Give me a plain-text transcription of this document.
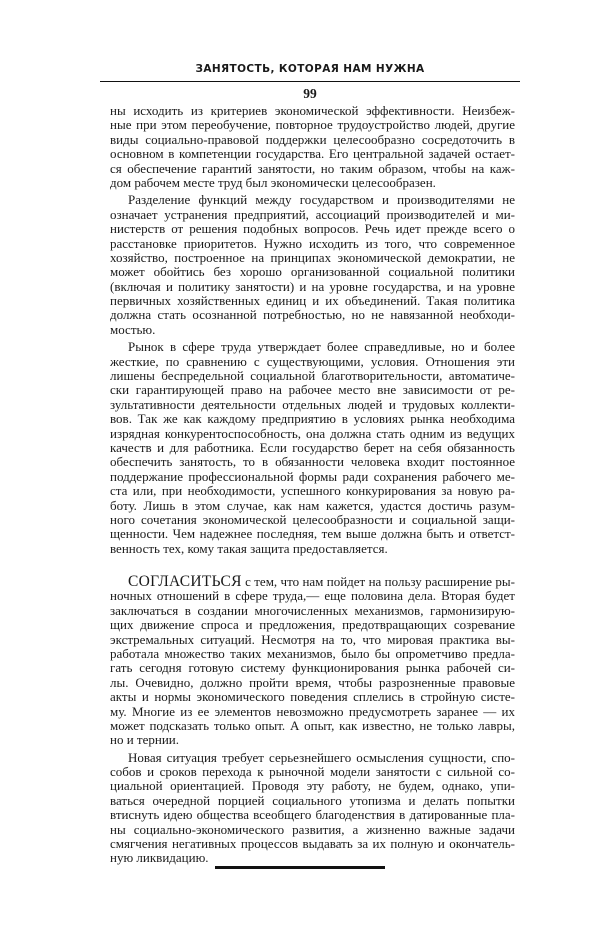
ЗАНЯТОСТЬ, КОТОРАЯ НАМ НУЖНА
99
ны исходить из критериев экономической эффективности. Неизбеж-
ные при этом переобучение, повторное трудоустройство людей, другие
виды социально-правовой поддержки целесообразно сосредоточить в
основном в компетенции государства. Его центральной задачей остает-
ся обеспечение гарантий занятости, но таким образом, чтобы на каж-
дом рабочем месте труд был экономически целесообразен.
Разделение функций между государством и производителями не
означает устранения предприятий, ассоциаций производителей и ми-
нистерств от решения подобных вопросов. Речь идет прежде всего о
расстановке приоритетов. Нужно исходить из того, что современное
хозяйство, построенное на принципах экономической демократии, не
может обойтись без хорошо организованной социальной политики
(включая и политику занятости) и на уровне государства, и на уровне
первичных хозяйственных единиц и их объединений. Такая политика
должна стать осознанной потребностью, но не навязанной необходи-
мостью.
Рынок в сфере труда утверждает более справедливые, но и более
жесткие, по сравнению с существующими, условия. Отношения эти
лишены беспредельной социальной благотворительности, автоматиче-
ски гарантирующей право на рабочее место вне зависимости от ре-
зультативности деятельности отдельных людей и трудовых коллекти-
вов. Так же как каждому предприятию в условиях рынка необходима
изрядная конкурентоспособность, она должна стать одним из ведущих
качеств и для работника. Если государство берет на себя обязанность
обеспечить занятость, то в обязанности человека входит постоянное
поддержание профессиональной формы ради сохранения рабочего ме-
ста или, при необходимости, успешного конкурирования за новую ра-
боту. Лишь в этом случае, как нам кажется, удастся достичь разум-
ного сочетания экономической целесообразности и социальной защи-
щенности. Чем надежнее последняя, тем выше должна быть и ответст-
венность тех, кому такая защита предоставляется.
СОГЛАСИТЬСЯ с тем, что нам пойдет на пользу расширение ры-
ночных отношений в сфере труда,— еще половина дела. Вторая будет
заключаться в создании многочисленных механизмов, гармонизирую-
щих движение спроса и предложения, предотвращающих созревание
экстремальных ситуаций. Несмотря на то, что мировая практика вы-
работала множество таких механизмов, было бы опрометчиво предла-
гать сегодня готовую систему функционирования рынка рабочей си-
лы. Очевидно, должно пройти время, чтобы разрозненные правовые
акты и нормы экономического поведения сплелись в стройную систе-
му. Многие из ее элементов невозможно предусмотреть заранее — их
может подсказать только опыт. А опыт, как известно, не только лавры,
но и тернии.
Новая ситуация требует серьезнейшего осмысления сущности, спо-
собов и сроков перехода к рыночной модели занятости с сильной со-
циальной ориентацией. Проводя эту работу, не будем, однако, упи-
ваться очередной порцией социального утопизма и делать попытки
втиснуть идею общества всеобщего благоденствия в датированные пла-
ны социально-экономического развития, а жизненно важные задачи
смягчения негативных процессов выдавать за их полную и окончатель-
ную ликвидацию.
